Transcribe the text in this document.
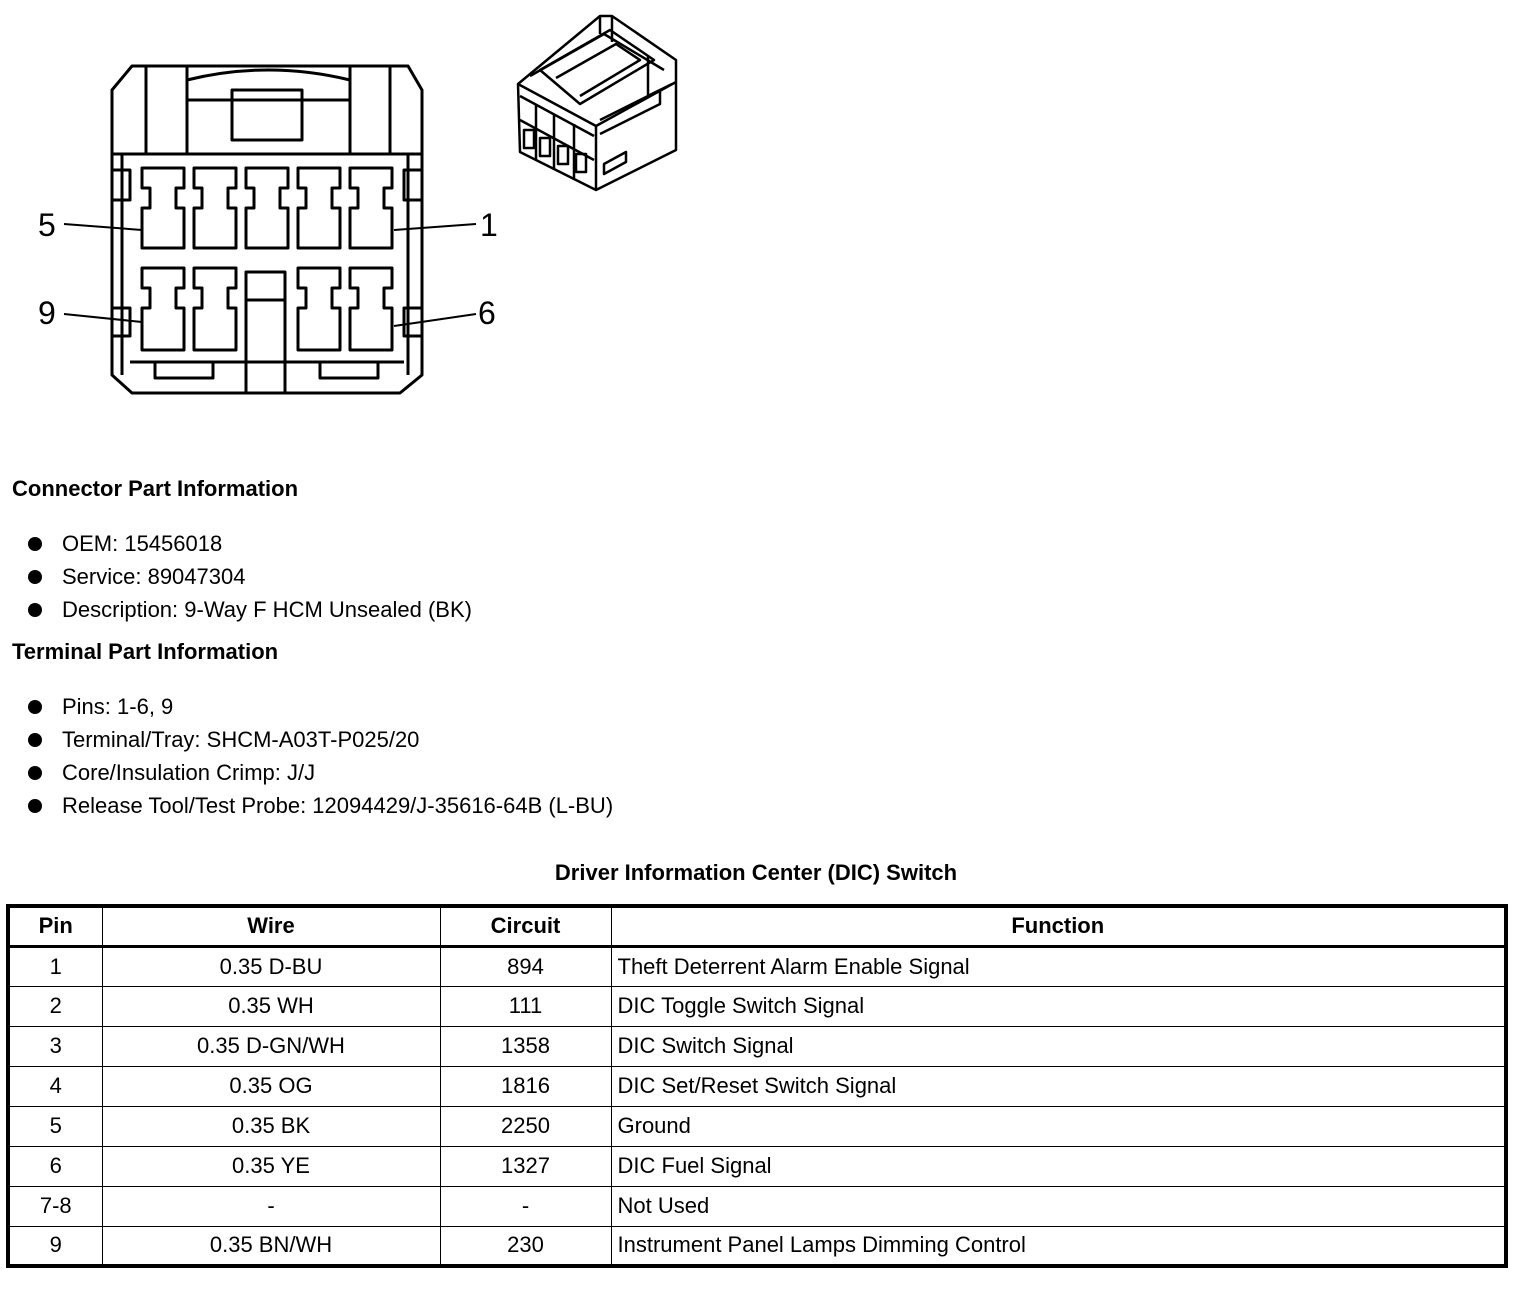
5	1
9	6
Connector Part Information
OEM: 15456018
Service: 89047304
Description: 9-Way F HCM Unsealed (BK)
Terminal Part Information
Pins: 1-6, 9
Terminal/Tray: SHCM-A03T-P025/20
Core/Insulation Crimp: J/J
Release Tool/Test Probe: 12094429/J-35616-64B (L-BU)
Driver Information Center (DIC) Switch
Pin	Wire	Circuit	Function
1	0.35 D-BU	894	Theft Deterrent Alarm Enable Signal
2	0.35 WH	111	DIC Toggle Switch Signal
3	0.35 D-GN/WH	1358	DIC Switch Signal
4	0.35 OG	1816	DIC Set/Reset Switch Signal
5	0.35 BK	2250	Ground
6	0.35 YE	1327	DIC Fuel Signal
7-8	-	-	Not Used
9	0.35 BN/WH	230	Instrument Panel Lamps Dimming Control
